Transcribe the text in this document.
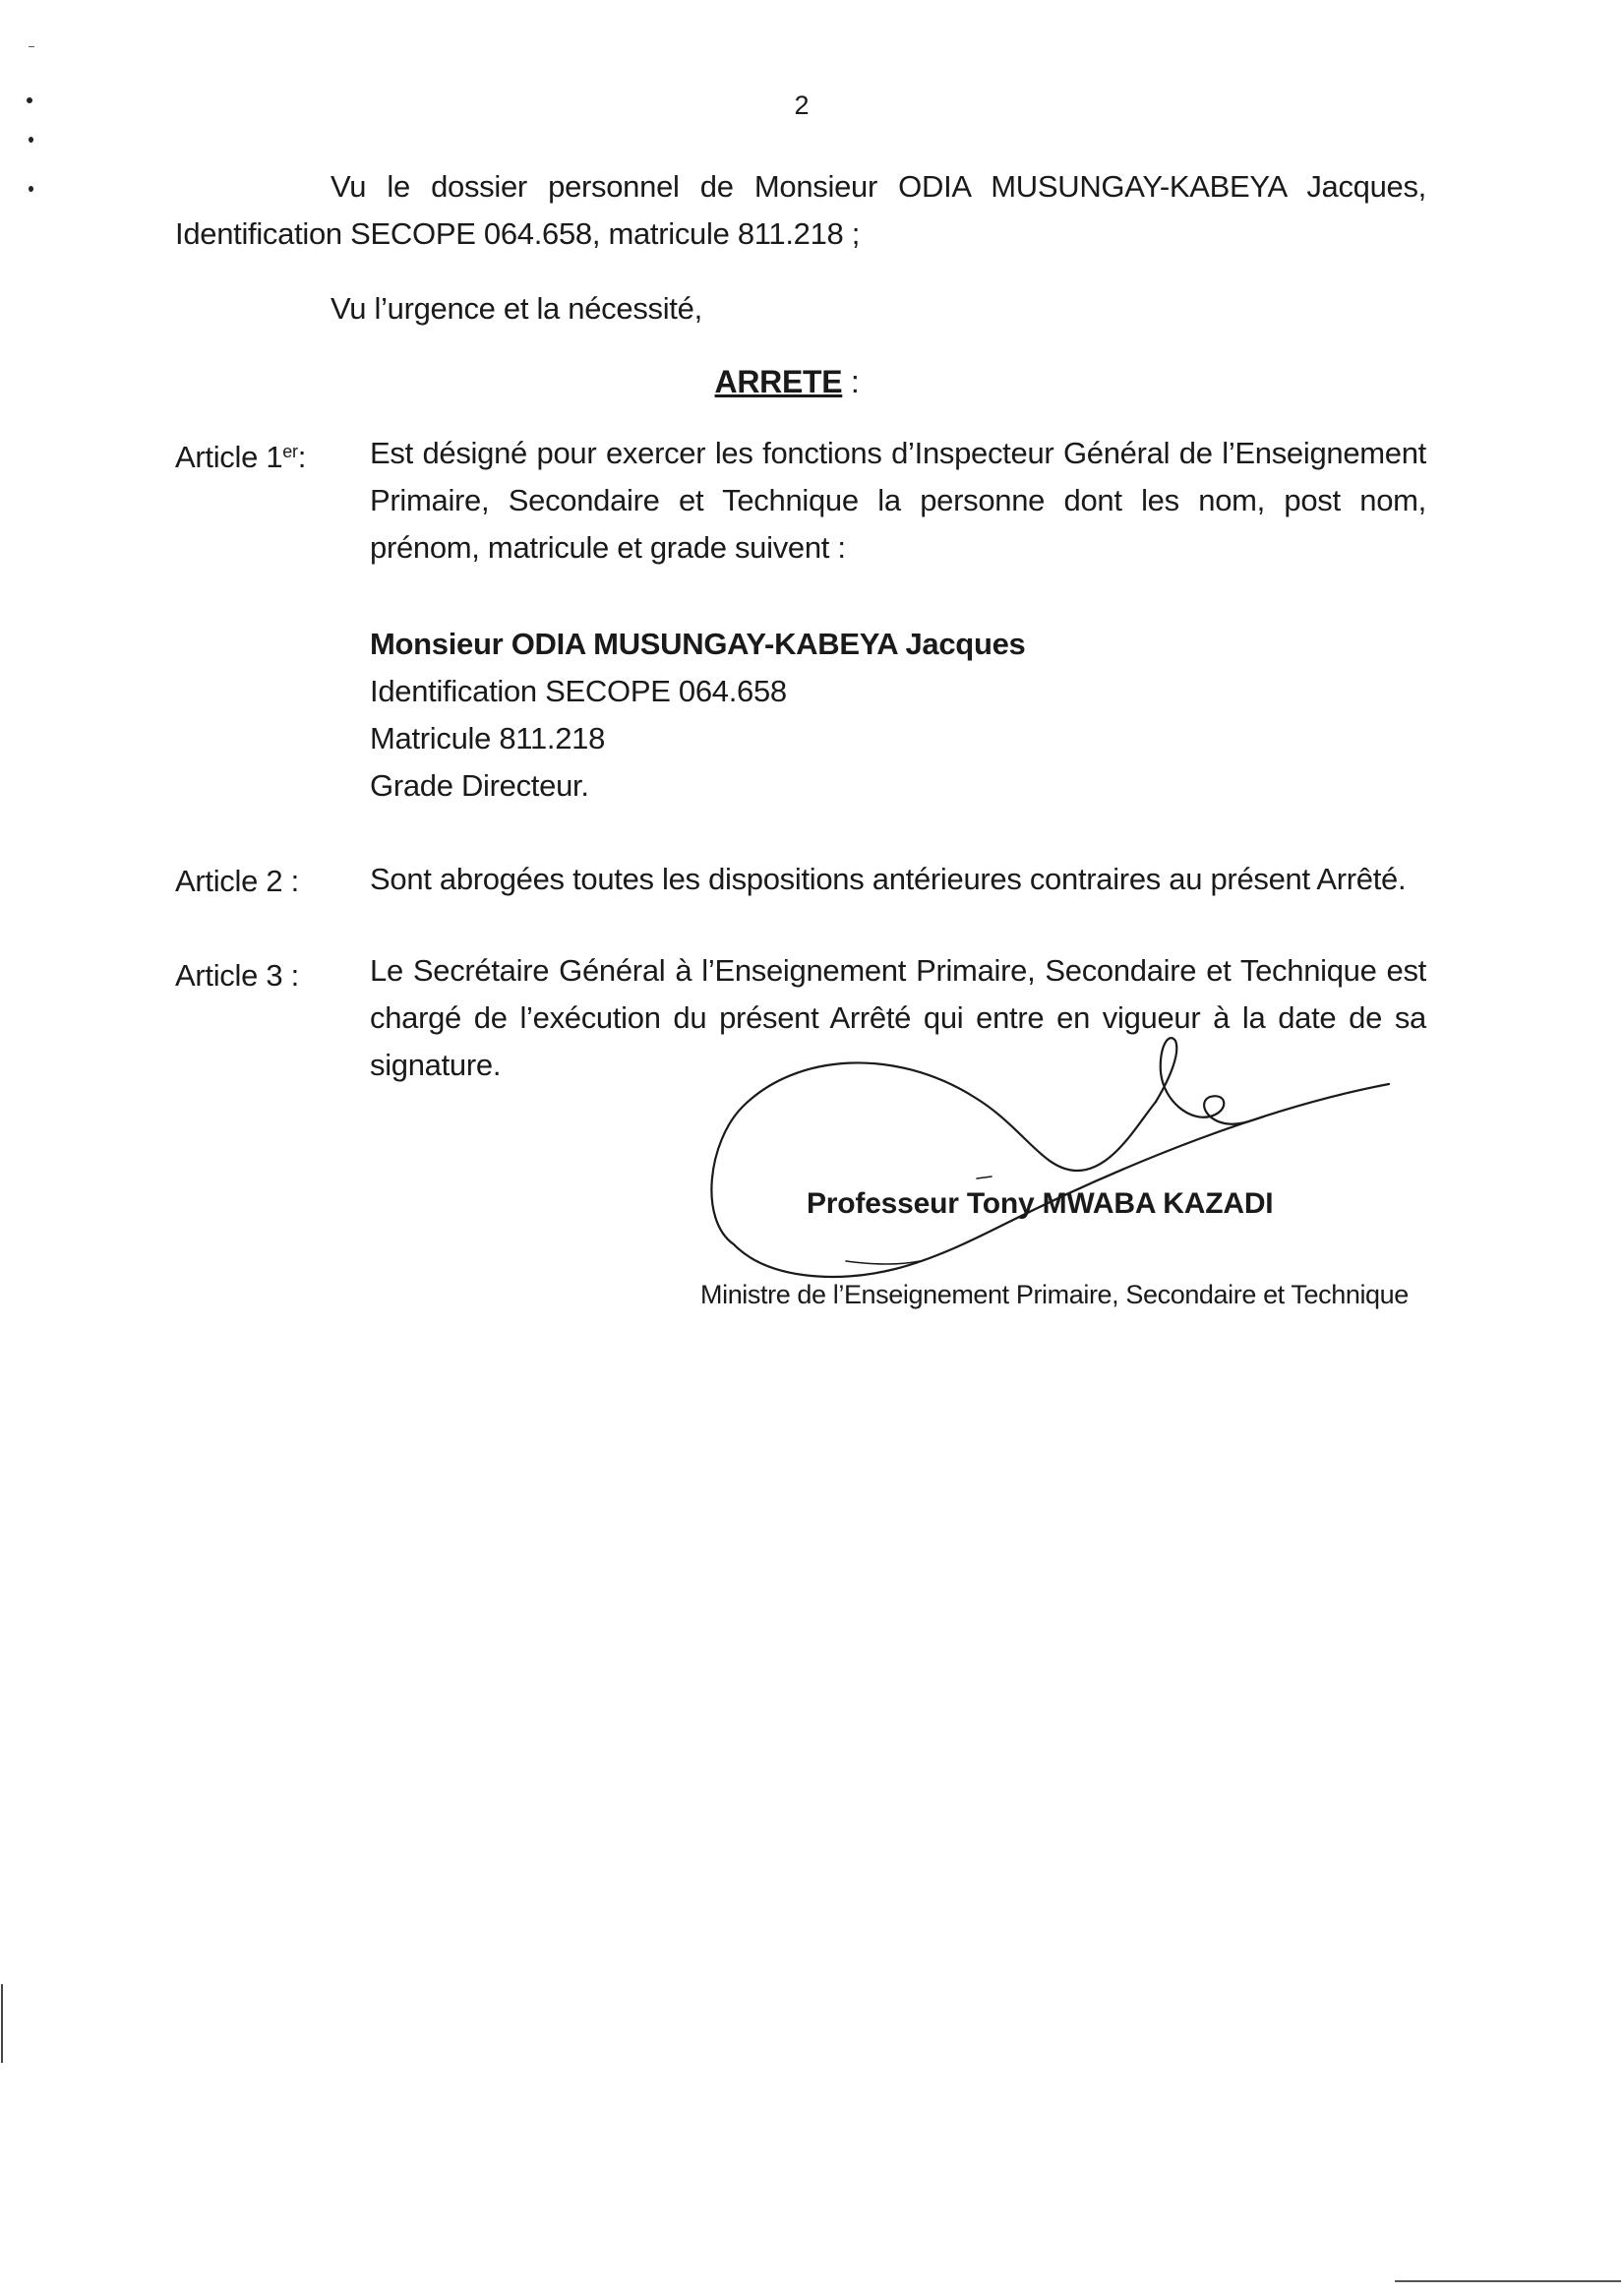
2
Vu le dossier personnel de Monsieur ODIA MUSUNGAY-KABEYA Jacques, Identification SECOPE 064.658, matricule 811.218 ;
Vu l’urgence et la nécessité,
ARRETE :
Article 1er:	Est désigné pour exercer les fonctions d’Inspecteur Général de l’Enseignement Primaire, Secondaire et Technique la personne dont les nom, post nom, prénom, matricule et grade suivent :
Monsieur ODIA MUSUNGAY-KABEYA Jacques
Identification SECOPE 064.658
Matricule 811.218
Grade Directeur.
Article 2 :	Sont abrogées toutes les dispositions antérieures contraires au présent Arrêté.
Article 3 :	Le Secrétaire Général à l’Enseignement Primaire, Secondaire et Technique est chargé de l’exécution du présent Arrêté qui entre en vigueur à la date de sa signature.
Professeur Tony MWABA KAZADI
Ministre de l’Enseignement Primaire, Secondaire et Technique
